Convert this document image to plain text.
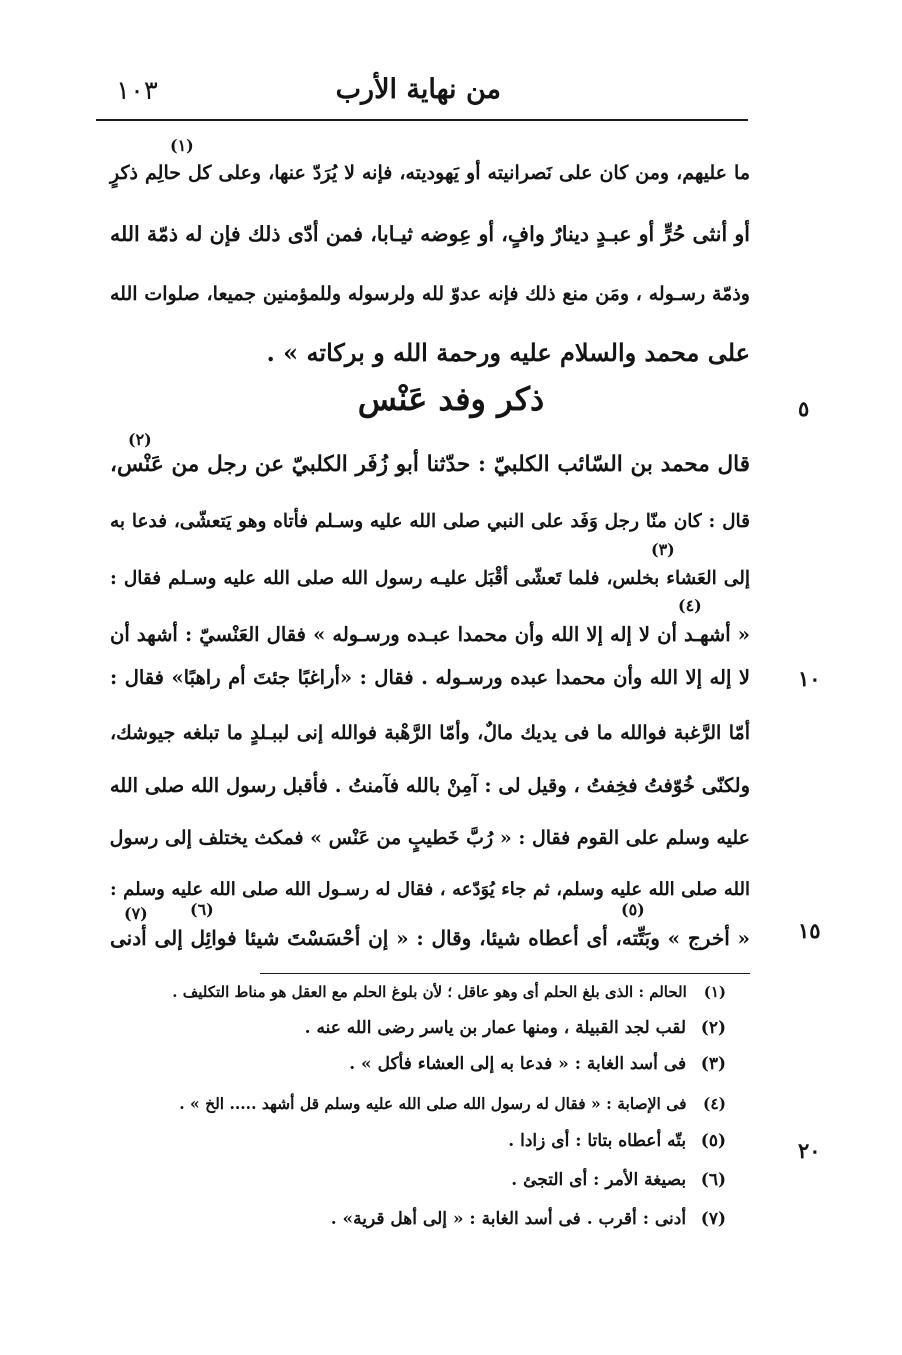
١٠٣	من نهاية الأرب
ما عليهم، ومن كان على نَصرانيته أو يَهوديته، فإنه لا يُرَدّ عنها، وعلى كل حالِم ذكرٍ
أو أنثى حُرٍّ أو عبـدٍ دينارٌ وافٍ، أو عِوضه ثيـابا، فمن أدّى ذلك فإن له ذمّة الله
وذمّة رسـوله ، ومَن منع ذلك فإنه عدوّ لله ولرسوله وللمؤمنين جميعا، صلوات الله
على محمد والسلام عليه ورحمة الله و بركاته » .
ذكر وفد عَنْس
قال محمد بن السّائب الكلبيّ : حدّثنا أبو زُفَر الكلبيّ عن رجل من عَنْس،
قال : كان منّا رجل وَفَد على النبي صلى الله عليه وسـلم فأتاه وهو يَتعشّى، فدعا به
إلى العَشاء بخلس، فلما تَعشّى أقْبَل عليـه رسول الله صلى الله عليه وسـلم فقال :
« أشهـد أن لا إله إلا الله وأن محمدا عبـده ورسـوله » فقال العَنْسيّ : أشهد أن
لا إله إلا الله وأن محمدا عبده ورسـوله . فقال : «أراغبًا جئتَ أم راهبًا» فقال :
أمّا الرَّغبة فوالله ما فى يديك مالٌ، وأمّا الرَّهْبة فوالله إنى لببـلدٍ ما تبلغه جيوشك،
ولكنّى خُوّفتُ فخِفتُ ، وقيل لى : آمِنْ بالله فآمنتُ . فأقبل رسول الله صلى الله
عليه وسلم على القوم فقال : « رُبَّ خَطيبٍ من عَنْس » فمكث يختلف إلى رسول
الله صلى الله عليه وسلم، ثم جاء يُوَدّعه ، فقال له رسـول الله صلى الله عليه وسلم :
« أخرج » وبَتِّته، أى أعطاه شيئا، وقال : « إن أحْسَسْتَ شيئا فوائِل إلى أدنى
(١)
(٢)
(٣)
(٤)
(٥)
(٦)
(٧)
٥
١٠
١٥
٢٠
(١) الحالم : الذى بلغ الحلم أى وهو عاقل ؛ لأن بلوغ الحلم مع العقل هو مناط التكليف .
(٢) لقب لجد القبيلة ، ومنها عمار بن ياسر رضى الله عنه .
(٣) فى أسد الغابة : « فدعا به إلى العشاء فأكل » .
(٤) فى الإصابة : « فقال له رسول الله صلى الله عليه وسلم قل أشهد ..... الخ » .
(٥) بتّه أعطاه بتاتا : أى زادا .
(٦) بصيغة الأمر : أى التجئ .
(٧) أدنى : أقرب . فى أسد الغابة : « إلى أهل قرية» .
